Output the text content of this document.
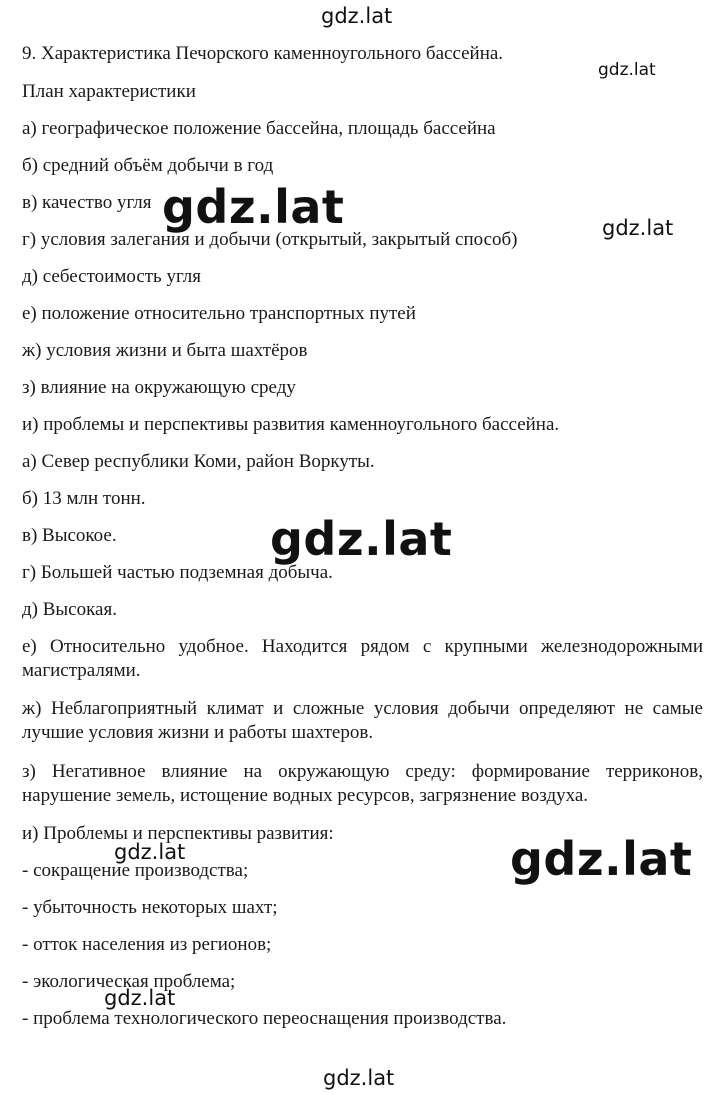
gdz.lat
gdz.lat
9. Характеристика Печорского каменноугольного бассейна.
План характеристики
а) географическое положение бассейна, площадь бассейна
б) средний объём добычи в год
в) качество угля
г) условия залегания и добычи (открытый, закрытый способ)
д) себестоимость угля
е) положение относительно транспортных путей
ж) условия жизни и быта шахтёров
з) влияние на окружающую среду
и) проблемы и перспективы развития каменноугольного бассейна.
а) Север республики Коми, район Воркуты.
б) 13 млн тонн.
в) Высокое.
г) Большей частью подземная добыча.
д) Высокая.
е) Относительно удобное. Находится рядом с крупными железнодорожными магистралями.
ж) Неблагоприятный климат и сложные условия добычи определяют не самые лучшие условия жизни и работы шахтеров.
з) Негативное влияние на окружающую среду: формирование терриконов, нарушение земель, истощение водных ресурсов, загрязнение воздуха.
и) Проблемы и перспективы развития:
- сокращение производства;
- убыточность некоторых шахт;
- отток населения из регионов;
- экологическая проблема;
- проблема технологического переоснащения производства.
gdz.lat	gdz.lat
gdz.lat
gdz.lat	gdz.lat
gdz.lat
gdz.lat
